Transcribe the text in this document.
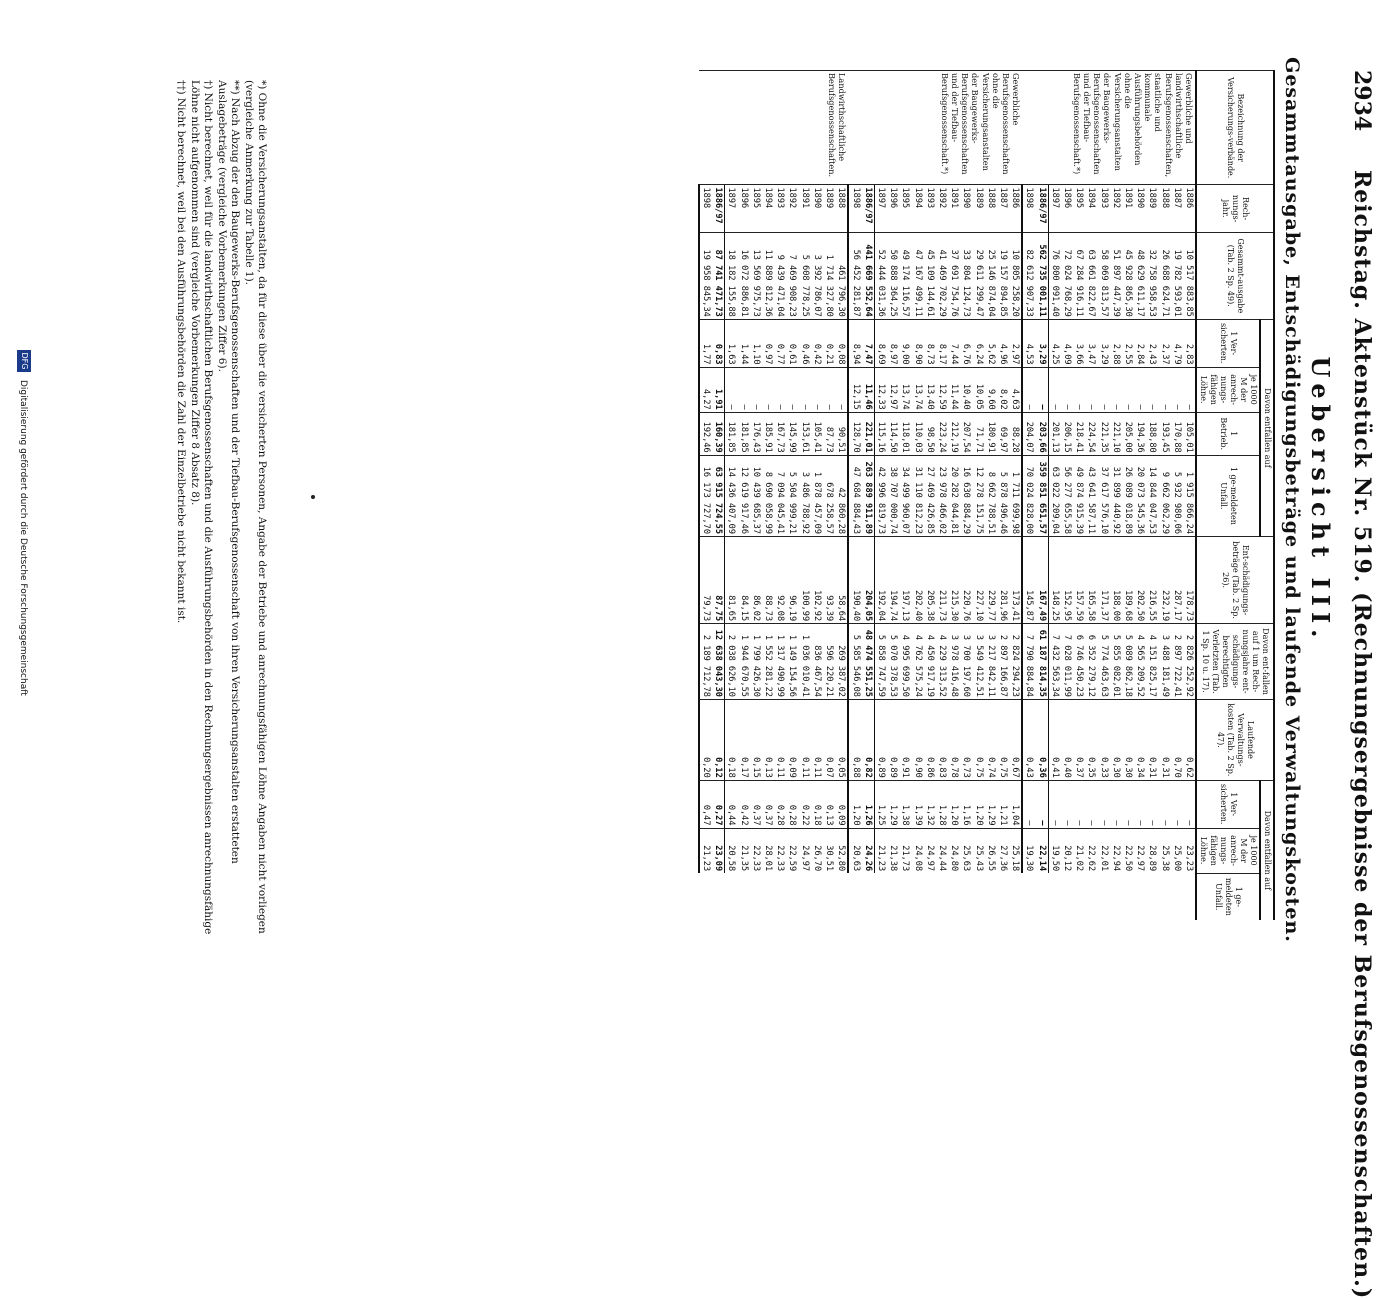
2934
Reichstag. Aktenstück Nr. 519. (Rechnungsergebnisse der Berufsgenossenschaften.)
Uebersicht III.
Gesammtausgabe, Entschädigungsbeträge und laufende Verwaltungskosten.
Bezeichnung der Versicherungs-verbände.	Rech-nungs-jahr.	Gesammt-ausgabe (Tab. 2 Sp. 49).	Davon entfallen auf				Ent-schädigungs-beträge (Tab. 2 Sp. 26).	Davon ent-fallen auf 1 um Rech-nungsjahre ent-schädigungs-berechtigten Verletzten (Tab. 1 Sp. 10 u. 17).	Laufende Verwaltungs-kosten (Tab. 2 Sp. 47).	Davon entfallen auf		
			1 Ver-sicherten.	je 1000 M der anrech-nungs-fähigen Löhne.	1 Betrieb.	1 ge-meldeten Unfall.				1 Ver-sicherten.	je 1000 M der anrech-nungs-fähigen Löhne.	1 ge-meldeten Unfall.
Gewerbliche und landwirthschaftliche Berufsgenossenschaften, staatliche und kommunale Ausführungsbehörden ohne die Versicherungsanstalten der Baugewerks-Berufsgenossenschaften und der Tiefbau-Berufsgenossenschaft.*)	1886	10 517 883,85	2,83	—	105,01	1 915 866,24	178,73	2 826 252,92	0,62	—	23,23	
	1887	19 782 593,01	4,79	—	170,88	5 932 980,06	287,17	2 897 722,41	0,70	—	25,00	
	1888	26 688 624,71	2,37	—	193,45	9 662 062,29	232,19	3 488 181,49	0,31	—	25,38	
	1889	32 758 958,53	2,43	—	188,80	14 844 047,53	216,55	4 151 825,17	0,31	—	28,89	
	1890	48 629 611,17	2,84	—	194,36	20 073 545,36	202,50	4 565 209,52	0,34	—	22,97	
	1891	45 928 865,30	2,55	—	205,00	26 089 018,89	189,68	5 089 862,18	0,30	—	22,50	
	1892	51 897 447,39	2,88	—	221,10	31 899 440,92	188,00	5 855 082,01	0,30	—	22,94	
	1893	58 069 813,57	3,29	—	221,35	37 617 576,10	171,37	5 774 463,63	0,33	—	22,01	
	1894	63 661 822,67	3,47	—	224,54	43 641 587,11	165,58	6 352 279,12	0,35	—	22,62	
	1895	67 284 916,11	3,66	—	218,41	49 874 915,39	157,59	6 746 450,23	0,37	—	21,02	
	1896	72 024 768,29	4,09	—	206,15	56 277 655,58	152,95	7 028 011,99	0,40	—	20,12	
	1897	76 800 091,40	4,25	—	201,13	63 022 209,04	148,25	7 432 563,34	0,41	—	19,50	
	1886/97	562 735 001,11	3,29	—	203,66	359 851 651,57	167,49	61 187 814,35	0,36	—	22,14	
	1898	82 612 907,33	4,53	—	204,07	70 024 828,00	145,87	7 790 884,84	0,43	—	19,30	
Gewerbliche Berufsgenossenschaften ohne die Versicherungsanstalten der Baugewerks-Berufsgenossenschaften und der Tiefbau-Berufsgenossenschaft.*)	1886	10 805 258,20	2,97	4,63	88,28	1 711 699,98	173,41	2 824 294,23	0,67	1,04	25,18	
	1887	19 157 894,85	4,96	8,02	69,97	5 878 496,46	281,96	2 897 166,87	0,75	1,21	27,36	
	1888	25 146 874,04	5,62	9,60	180,91	8 662 788,51	229,77	3 217 842,11	0,74	1,29	26,55	
	1889	29 611 299,47	6,24	10,05	71,71	12 278 151,75	227,10	3 549 412,51	0,75	1,20	25,43	
	1890	33 804 124,73	6,76	10,40	207,54	16 630 884,29	220,76	3 700 197,60	0,73	1,16	25,63	
	1891	37 691 754,76	7,44	11,44	212,19	20 282 044,81	215,30	3 978 416,48	0,78	1,20	24,80	
	1892	41 469 702,29	8,17	12,59	223,24	23 978 466,02	211,73	4 229 313,52	0,83	1,28	24,44	
	1893	45 109 144,61	8,73	13,40	98,50	27 469 426,85	205,38	4 450 917,19	0,86	1,32	24,97	
	1894	47 167 499,11	8,90	13,74	110,03	31 110 812,23	202,40	4 762 575,24	0,90	1,39	24,08	
	1895	49 174 116,57	9,00	13,74	118,01	34 499 960,07	197,13	4 995 699,50	0,91	1,38	21,73	
	1896	50 888 364,25	8,97	12,97	114,50	38 707 000,74	194,74	5 070 378,53	0,89	1,29	21,38	
	1897	52 444 031,36	8,69	12,33	115,16	42 996 819,73	192,04	5 858 747,59	0,89	1,25	21,23	
	1886/97	441 669 552,64	7,47	11,46	221,01	263 889 911,89	204,05	48 474 551,25	0,82	1,26	24,26	
	1898	56 452 281,87	8,94	12,15	128,70	47 684 884,43	190,40	5 585 546,08	0,88	1,20	20,63	
Landwirthschaftliche Berufsgenossenschaften.	1888	461 796,30	0,08	—	90,51	42 860,28	58,64	269 387,02	0,05	0,09	52,80	
	1889	1 714 327,80	0,21	—	87,73	678 258,57	93,39	596 220,21	0,07	0,13	30,51	
	1890	3 392 786,07	0,42	—	105,41	1 878 457,09	102,92	836 467,54	0,11	0,18	26,70	
	1891	5 608 778,25	0,46	—	153,61	3 486 788,92	100,99	1 036 010,41	0,11	0,22	24,97	
	1892	7 469 908,23	0,61	—	145,99	5 504 999,21	96,19	1 149 154,56	0,09	0,28	22,59	
	1893	9 439 471,04	0,77	—	167,73	7 094 045,41	92,08	1 317 490,99	0,11	0,28	22,33	
	1894	11 889 812,36	0,97	—	185,91	8 690 058,99	88,73	1 552 281,22	0,13	0,37	28,01	
	1895	13 569 975,73	1,10	—	176,43	10 439 685,37	86,02	1 799 426,30	0,15	0,37	22,33	
	1896	16 072 886,81	1,44	—	181,85	12 619 917,46	84,15	1 944 670,55	0,17	0,42	21,35	
	1897	18 182 155,88	1,63	—	181,85	14 436 407,09	81,65	2 038 626,10	0,18	0,44	20,58	
	1886/97	87 741 471,73	0,83	1,91	160,39	63 915 724,55	87,75	12 638 043,30	0,12	0,27	23,09	
	1898	19 958 845,34	1,77	4,27	192,46	16 173 727,70	79,73	2 189 712,78	0,20	0,47	21,23	

*) Ohne die Versicherungsanstalten, da für diese über die versicherten Personen, Angabe der Betriebe und anrechnungsfähigen Löhne Angaben nicht vorliegen (vergleiche Anmerkung zur Tabelle 1).

**) Nach Abzug der den Baugewerks-Berufsgenossenschaften und der Tiefbau-Berufsgenossenschaft von ihren Versicherungsanstalten erstatteten Auslagebeträge (vergleiche Vorbemerkungen Ziffer 6).

†) Nicht berechnet, weil für die landwirthschaftlichen Berufsgenossenschaften und die Ausführungsbehörden in den Rechnungsergebnissen anrechnungsfähige Löhne nicht aufgenommen sind (vergleiche Vorbemerkungen Ziffer 8 Absatz 8).

††) Nicht berechnet, weil bei den Ausführungsbehörden die Zahl der Einzelbetriebe nicht bekannt ist.

DFG
Digitalisierung gefördert durch die Deutsche Forschungsgemeinschaft
